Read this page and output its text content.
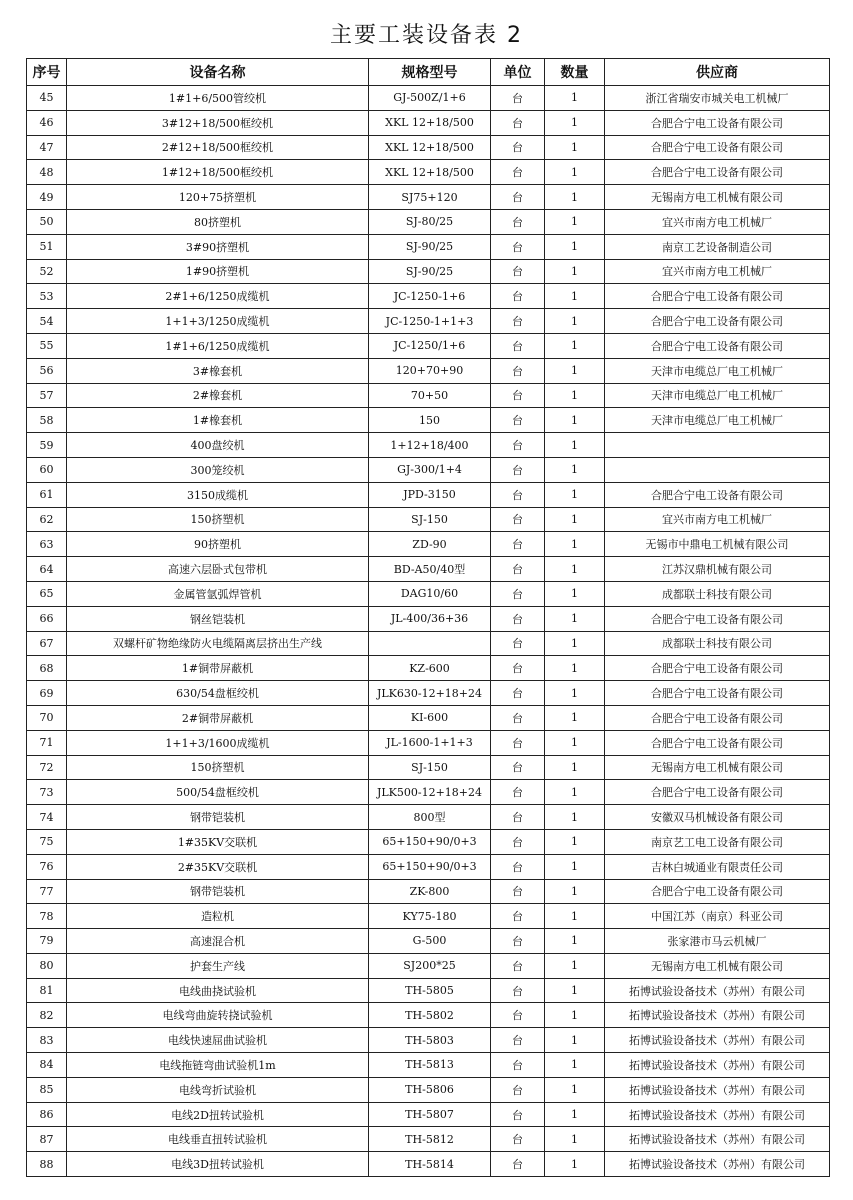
主要工装设备表 2
序号	设备名称	规格型号	单位	数量	供应商
45	1#1+6/500管绞机	GJ-500Z/1+6	台	1	浙江省瑞安市城关电工机械厂
46	3#12+18/500框绞机	XKL 12+18/500	台	1	合肥合宁电工设备有限公司
47	2#12+18/500框绞机	XKL 12+18/500	台	1	合肥合宁电工设备有限公司
48	1#12+18/500框绞机	XKL 12+18/500	台	1	合肥合宁电工设备有限公司
49	120+75挤塑机	SJ75+120	台	1	无锡南方电工机械有限公司
50	80挤塑机	SJ-80/25	台	1	宜兴市南方电工机械厂
51	3#90挤塑机	SJ-90/25	台	1	南京工艺设备制造公司
52	1#90挤塑机	SJ-90/25	台	1	宜兴市南方电工机械厂
53	2#1+6/1250成缆机	JC-1250-1+6	台	1	合肥合宁电工设备有限公司
54	1+1+3/1250成缆机	JC-1250-1+1+3	台	1	合肥合宁电工设备有限公司
55	1#1+6/1250成缆机	JC-1250/1+6	台	1	合肥合宁电工设备有限公司
56	3#橡套机	120+70+90	台	1	天津市电缆总厂电工机械厂
57	2#橡套机	70+50	台	1	天津市电缆总厂电工机械厂
58	1#橡套机	150	台	1	天津市电缆总厂电工机械厂
59	400盘绞机	1+12+18/400	台	1	
60	300笼绞机	GJ-300/1+4	台	1	
61	3150成缆机	JPD-3150	台	1	合肥合宁电工设备有限公司
62	150挤塑机	SJ-150	台	1	宜兴市南方电工机械厂
63	90挤塑机	ZD-90	台	1	无锡市中鼎电工机械有限公司
64	高速六层卧式包带机	BD-A50/40型	台	1	江苏汉鼎机械有限公司
65	金属管氩弧焊管机	DAG10/60	台	1	成都联士科技有限公司
66	钢丝铠装机	JL-400/36+36	台	1	合肥合宁电工设备有限公司
67	双螺杆矿物绝缘防火电缆隔离层挤出生产线		台	1	成都联士科技有限公司
68	1#铜带屏蔽机	KZ-600	台	1	合肥合宁电工设备有限公司
69	630/54盘框绞机	JLK630-12+18+24	台	1	合肥合宁电工设备有限公司
70	2#铜带屏蔽机	KI-600	台	1	合肥合宁电工设备有限公司
71	1+1+3/1600成缆机	JL-1600-1+1+3	台	1	合肥合宁电工设备有限公司
72	150挤塑机	SJ-150	台	1	无锡南方电工机械有限公司
73	500/54盘框绞机	JLK500-12+18+24	台	1	合肥合宁电工设备有限公司
74	钢带铠装机	800型	台	1	安徽双马机械设备有限公司
75	1#35KV交联机	65+150+90/0+3	台	1	南京艺工电工设备有限公司
76	2#35KV交联机	65+150+90/0+3	台	1	吉林白城通业有限责任公司
77	钢带铠装机	ZK-800	台	1	合肥合宁电工设备有限公司
78	造粒机	KY75-180	台	1	中国江苏（南京）科亚公司
79	高速混合机	G-500	台	1	张家港市马云机械厂
80	护套生产线	SJ200*25	台	1	无锡南方电工机械有限公司
81	电线曲挠试验机	TH-5805	台	1	拓博试验设备技术（苏州）有限公司
82	电线弯曲旋转挠试验机	TH-5802	台	1	拓博试验设备技术（苏州）有限公司
83	电线快速屈曲试验机	TH-5803	台	1	拓博试验设备技术（苏州）有限公司
84	电线拖链弯曲试验机1m	TH-5813	台	1	拓博试验设备技术（苏州）有限公司
85	电线弯折试验机	TH-5806	台	1	拓博试验设备技术（苏州）有限公司
86	电线2D扭转试验机	TH-5807	台	1	拓博试验设备技术（苏州）有限公司
87	电线垂直扭转试验机	TH-5812	台	1	拓博试验设备技术（苏州）有限公司
88	电线3D扭转试验机	TH-5814	台	1	拓博试验设备技术（苏州）有限公司
